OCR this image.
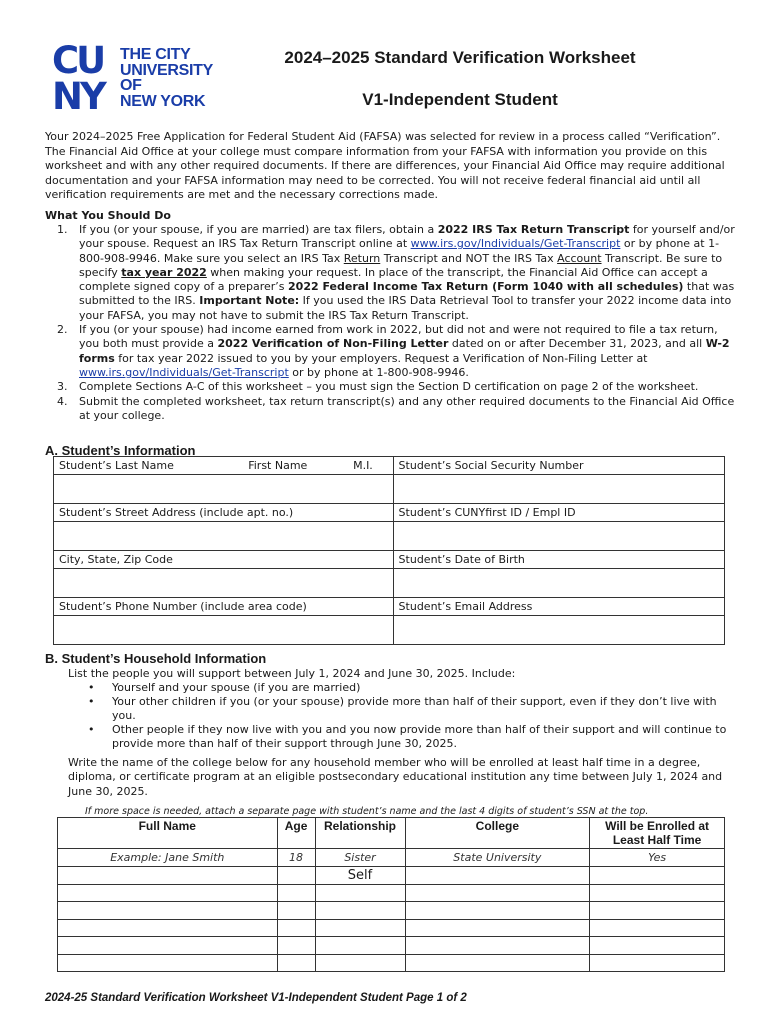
CU
NY
THE CITY
UNIVERSITY
OF
NEW YORK
2024–2025 Standard Verification Worksheet
V1-Independent Student

Your 2024–2025 Free Application for Federal Student Aid (FAFSA) was selected for review in a process called “Verification”. The Financial Aid Office at your college must compare information from your FAFSA with information you provide on this worksheet and with any other required documents. If there are differences, your Financial Aid Office may require additional documentation and your FAFSA information may need to be corrected. You will not receive federal financial aid until all verification requirements are met and the necessary corrections made.

What You Should Do
1. If you (or your spouse, if you are married) are tax filers, obtain a 2022 IRS Tax Return Transcript for yourself and/or your spouse. Request an IRS Tax Return Transcript online at www.irs.gov/Individuals/Get-Transcript or by phone at 1-800-908-9946. Make sure you select an IRS Tax Return Transcript and NOT the IRS Tax Account Transcript. Be sure to specify tax year 2022 when making your request. In place of the transcript, the Financial Aid Office can accept a complete signed copy of a preparer’s 2022 Federal Income Tax Return (Form 1040 with all schedules) that was submitted to the IRS. Important Note: If you used the IRS Data Retrieval Tool to transfer your 2022 income data into your FAFSA, you may not have to submit the IRS Tax Return Transcript.
2. If you (or your spouse) had income earned from work in 2022, but did not and were not required to file a tax return, you both must provide a 2022 Verification of Non-Filing Letter dated on or after December 31, 2023, and all W-2 forms for tax year 2022 issued to you by your employers. Request a Verification of Non-Filing Letter at www.irs.gov/Individuals/Get-Transcript or by phone at 1-800-908-9946.
3. Complete Sections A-C of this worksheet – you must sign the Section D certification on page 2 of the worksheet.
4. Submit the completed worksheet, tax return transcript(s) and any other required documents to the Financial Aid Office at your college.
A. Student’s Information
Student’s Last Name	First Name	M.I.	Student’s Social Security Number

Student’s Street Address (include apt. no.)			Student’s CUNYfirst ID / Empl ID

City, State, Zip Code			Student’s Date of Birth

Student’s Phone Number (include area code)			Student’s Email Address

B. Student’s Household Information
List the people you will support between July 1, 2024 and June 30, 2025. Include:
• Yourself and your spouse (if you are married)
• Your other children if you (or your spouse) provide more than half of their support, even if they don’t live with you.
• Other people if they now live with you and you now provide more than half of their support and will continue to provide more than half of their support through June 30, 2025.

Write the name of the college below for any household member who will be enrolled at least half time in a degree, diploma, or certificate program at an eligible postsecondary educational institution any time between July 1, 2024 and June 30, 2025.

If more space is needed, attach a separate page with student’s name and the last 4 digits of student’s SSN at the top.
Full Name	Age	Relationship	College	Will be Enrolled at Least Half Time
Example: Jane Smith	18	Sister	State University	Yes
		Self		

2024-25 Standard Verification Worksheet V1-Independent Student Page 1 of 2
